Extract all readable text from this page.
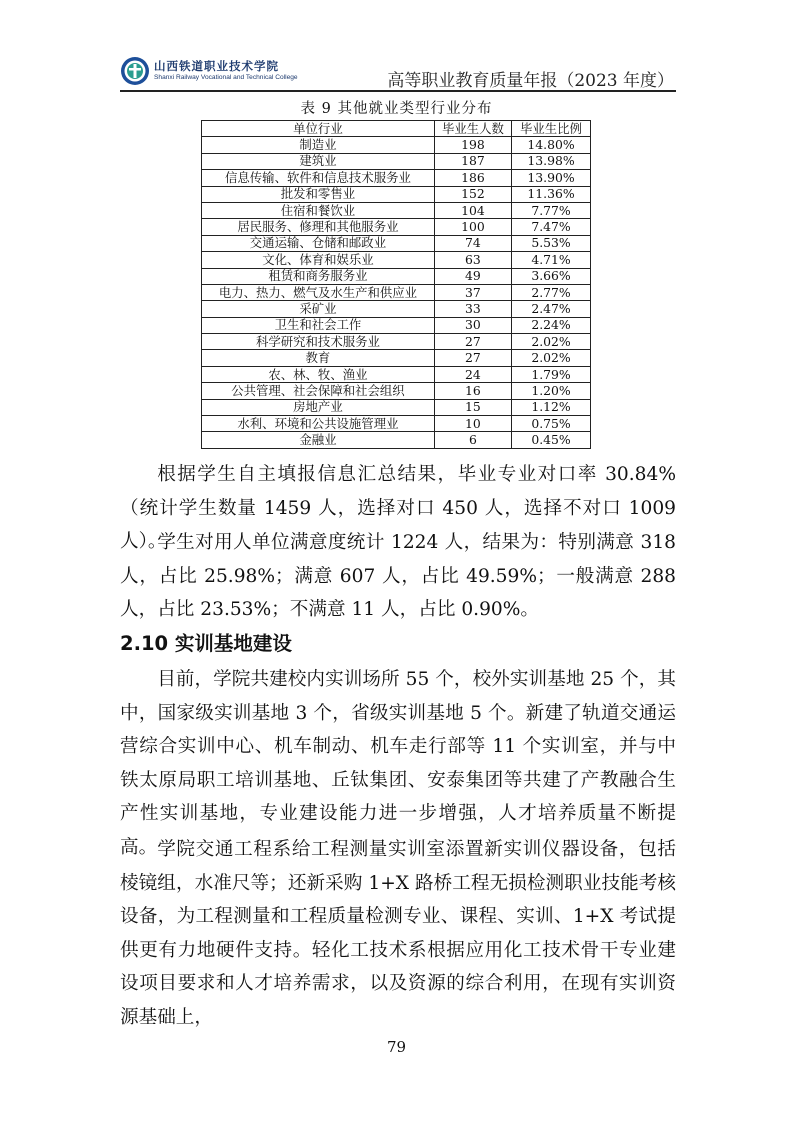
山西铁道职业技术学院
Shanxi Railway Vocational and Technical College	高等职业教育质量年报（2023 年度）
表 9 其他就业类型行业分布
单位行业	毕业生人数	毕业生比例
制造业	198	14.80%
建筑业	187	13.98%
信息传输、软件和信息技术服务业	186	13.90%
批发和零售业	152	11.36%
住宿和餐饮业	104	7.77%
居民服务、修理和其他服务业	100	7.47%
交通运输、仓储和邮政业	74	5.53%
文化、体育和娱乐业	63	4.71%
租赁和商务服务业	49	3.66%
电力、热力、燃气及水生产和供应业	37	2.77%
采矿业	33	2.47%
卫生和社会工作	30	2.24%
科学研究和技术服务业	27	2.02%
教育	27	2.02%
农、林、牧、渔业	24	1.79%
公共管理、社会保障和社会组织	16	1.20%
房地产业	15	1.12%
水利、环境和公共设施管理业	10	0.75%
金融业	6	0.45%

根据学生自主填报信息汇总结果，毕业专业对口率 30.84%（统计学生数量 1459 人，选择对口 450 人，选择不对口 1009 人）。

学生对用人单位满意度统计 1224 人，结果为：特别满意 318 人，占比 25.98%；满意 607 人，占比 49.59%；一般满意 288 人，占比 23.53%；不满意 11 人，占比 0.90%。

2.10 实训基地建设

目前，学院共建校内实训场所 55 个，校外实训基地 25 个，其中，国家级实训基地 3 个，省级实训基地 5 个。新建了轨道交通运营综合实训中心、机车制动、机车走行部等 11 个实训室，并与中铁太原局职工培训基地、丘钛集团、安泰集团等共建了产教融合生产性实训基地，专业建设能力进一步增强，人才培养质量不断提高。 学院交通工程系给工程测量实训室添置新实训仪器设备，包括棱镜组，水准尺等；还新采购 1+X 路桥工程无损检测职业技能考核设备，为工程测量和工程质量检测专业、课程、实训、1+X 考试提供更有力地硬件支持。轻化工技术系根据应用化工技术骨干专业建设项目要求和人才培养需求，以及资源的综合利用，在现有实训资源基础上，

79
